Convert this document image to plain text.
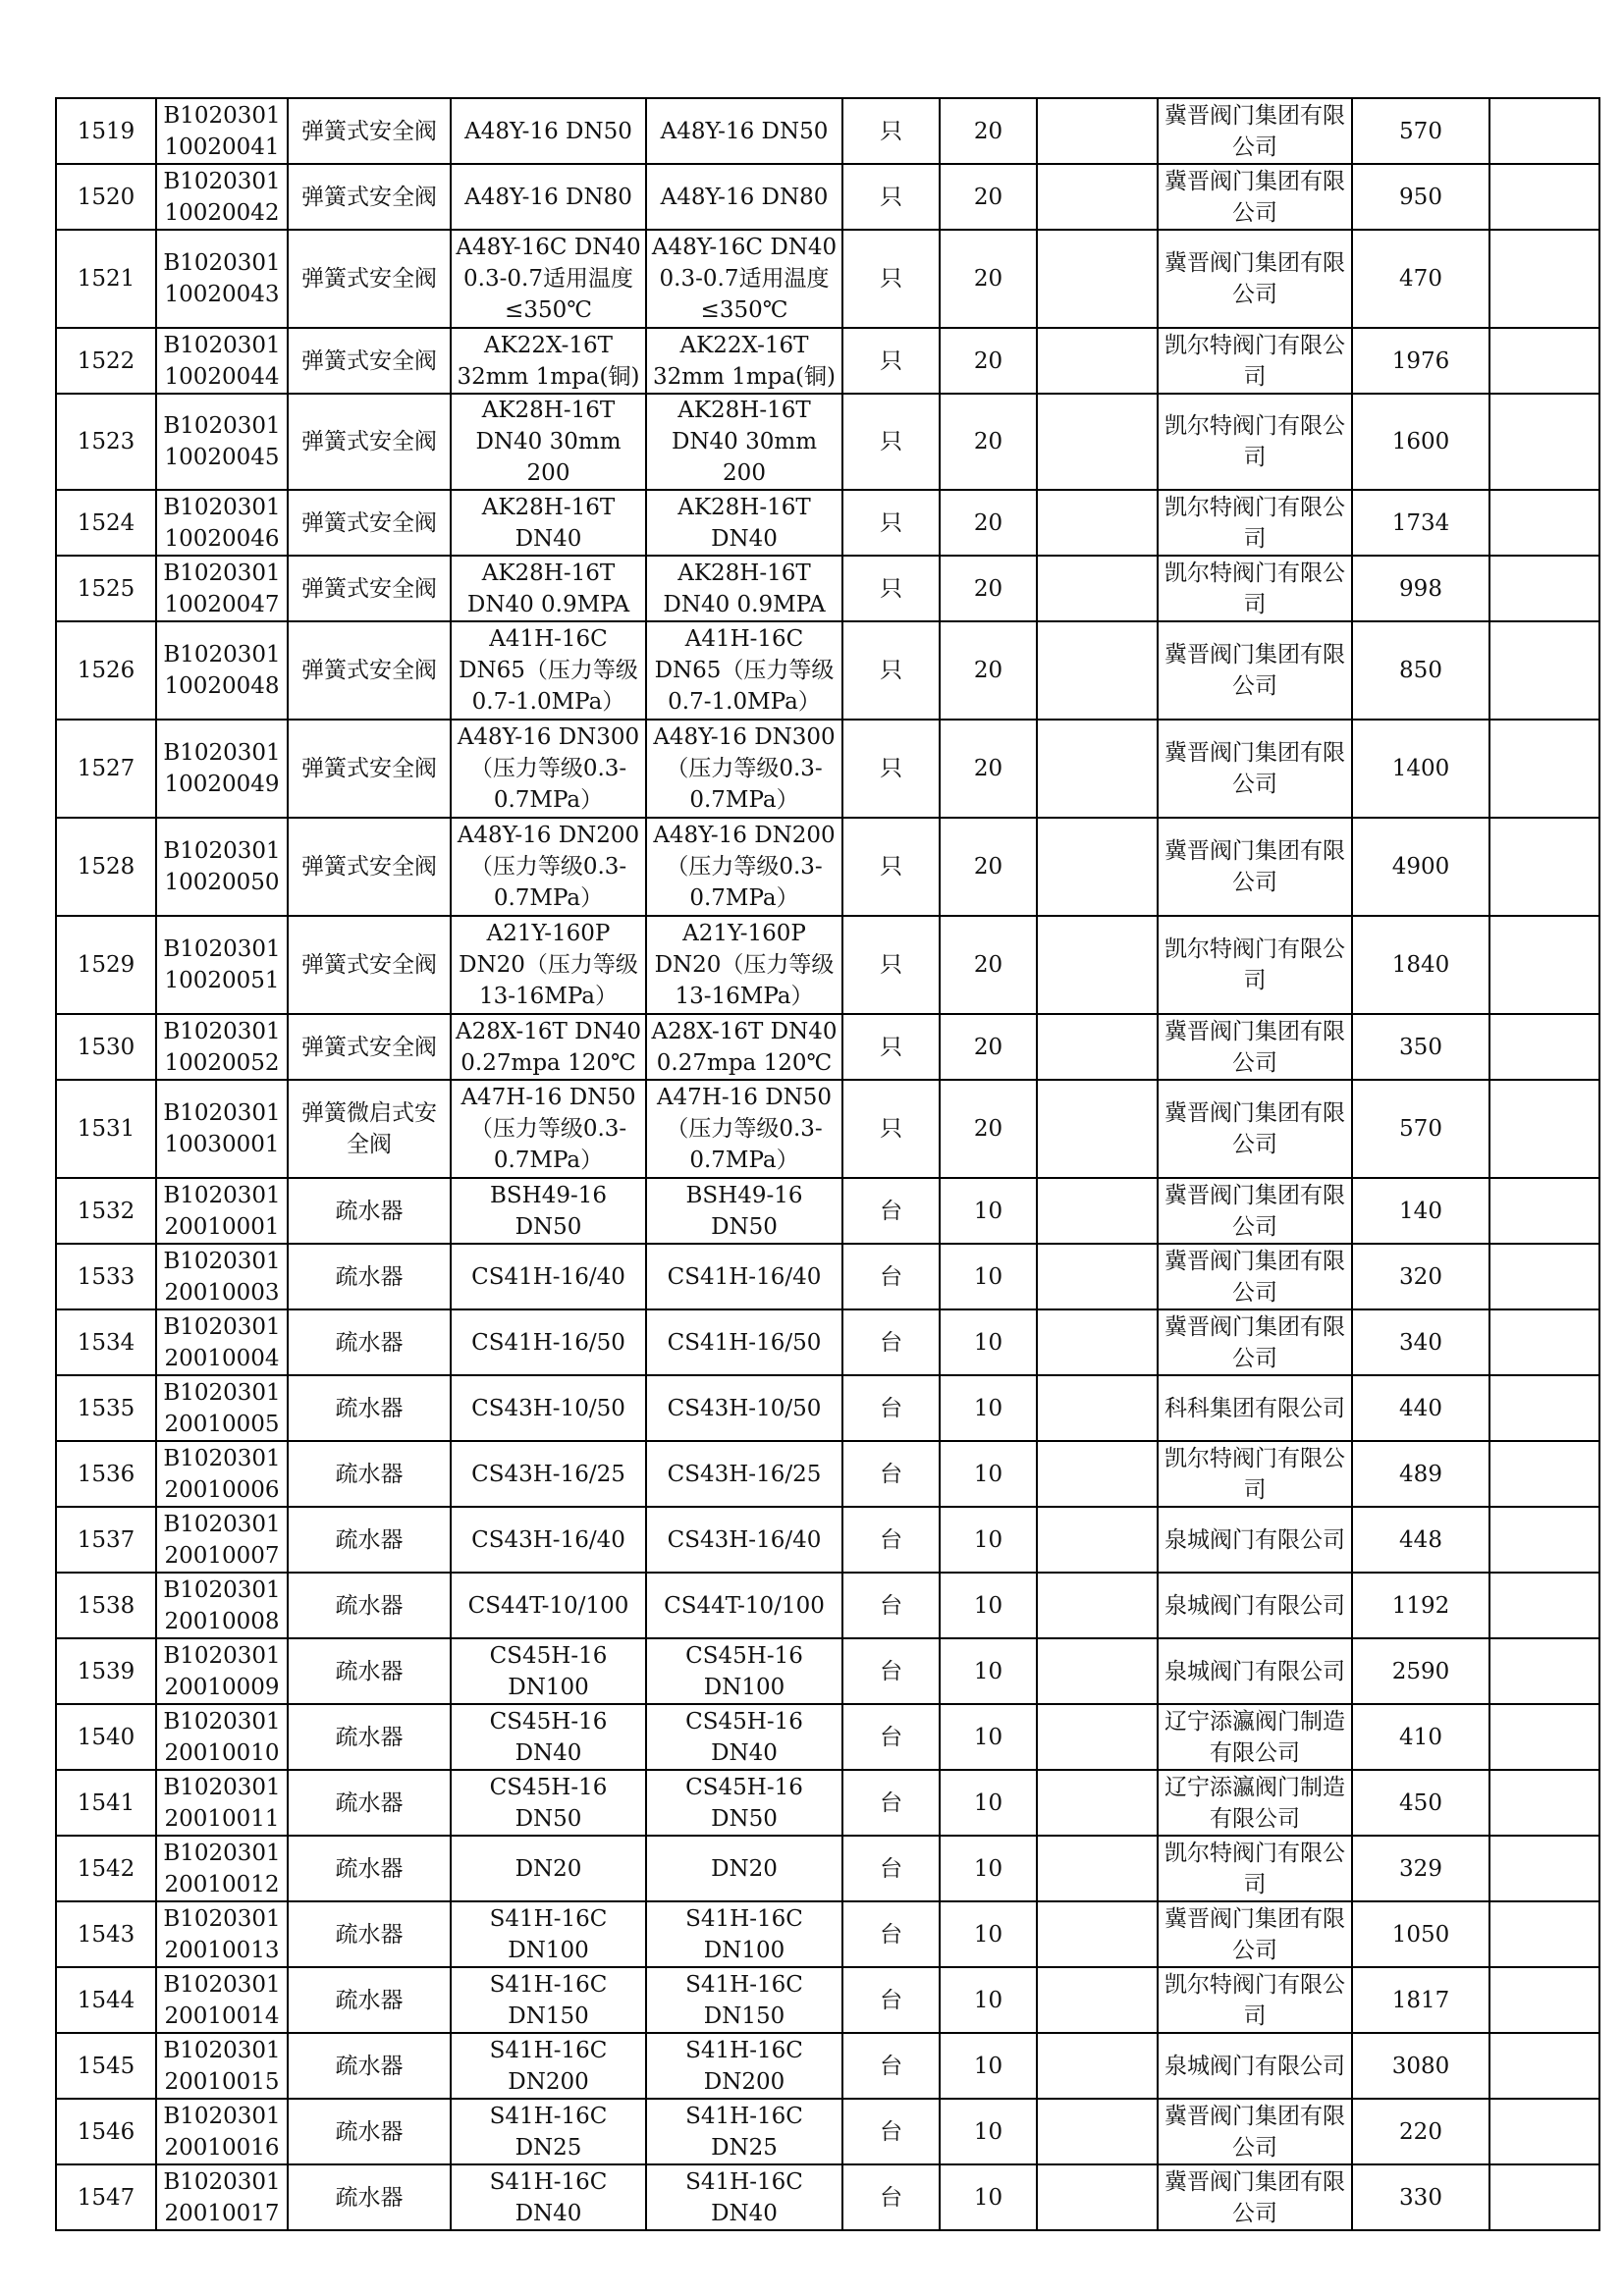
1519	B1020301 10020041	弹簧式安全阀	A48Y-16 DN50	A48Y-16 DN50	只	20		冀晋阀门集团有限公司	570	

1520	B1020301 10020042	弹簧式安全阀	A48Y-16 DN80	A48Y-16 DN80	只	20		冀晋阀门集团有限公司	950	

1521	B1020301 10020043	弹簧式安全阀	A48Y-16C DN40 0.3-0.7适用温度≤350℃	A48Y-16C DN40 0.3-0.7适用温度≤350℃	只	20		冀晋阀门集团有限公司	470	

1522	B1020301 10020044	弹簧式安全阀	AK22X-16T 32mm 1mpa(铜)	AK22X-16T 32mm 1mpa(铜)	只	20		凯尔特阀门有限公司	1976	

1523	B1020301 10020045	弹簧式安全阀	AK28H-16T DN40 30mm 200	AK28H-16T DN40 30mm 200	只	20		凯尔特阀门有限公司	1600	

1524	B1020301 10020046	弹簧式安全阀	AK28H-16T DN40	AK28H-16T DN40	只	20		凯尔特阀门有限公司	1734	

1525	B1020301 10020047	弹簧式安全阀	AK28H-16T DN40 0.9MPA	AK28H-16T DN40 0.9MPA	只	20		凯尔特阀门有限公司	998	

1526	B1020301 10020048	弹簧式安全阀	A41H-16C DN65（压力等级0.7-1.0MPa）	A41H-16C DN65（压力等级0.7-1.0MPa）	只	20		冀晋阀门集团有限公司	850	

1527	B1020301 10020049	弹簧式安全阀	A48Y-16 DN300（压力等级0.3-0.7MPa）	A48Y-16 DN300（压力等级0.3-0.7MPa）	只	20		冀晋阀门集团有限公司	1400	

1528	B1020301 10020050	弹簧式安全阀	A48Y-16 DN200（压力等级0.3-0.7MPa）	A48Y-16 DN200（压力等级0.3-0.7MPa）	只	20		冀晋阀门集团有限公司	4900	

1529	B1020301 10020051	弹簧式安全阀	A21Y-160P DN20（压力等级13-16MPa）	A21Y-160P DN20（压力等级13-16MPa）	只	20		凯尔特阀门有限公司	1840	

1530	B1020301 10020052	弹簧式安全阀	A28X-16T DN40 0.27mpa 120℃	A28X-16T DN40 0.27mpa 120℃	只	20		冀晋阀门集团有限公司	350	

1531	B1020301 10030001	弹簧微启式安全阀	A47H-16 DN50（压力等级0.3-0.7MPa）	A47H-16 DN50（压力等级0.3-0.7MPa）	只	20		冀晋阀门集团有限公司	570	

1532	B1020301 20010001	疏水器	BSH49-16 DN50	BSH49-16 DN50	台	10		冀晋阀门集团有限公司	140	

1533	B1020301 20010003	疏水器	CS41H-16/40	CS41H-16/40	台	10		冀晋阀门集团有限公司	320	

1534	B1020301 20010004	疏水器	CS41H-16/50	CS41H-16/50	台	10		冀晋阀门集团有限公司	340	

1535	B1020301 20010005	疏水器	CS43H-10/50	CS43H-10/50	台	10		科科集团有限公司	440	

1536	B1020301 20010006	疏水器	CS43H-16/25	CS43H-16/25	台	10		凯尔特阀门有限公司	489	

1537	B1020301 20010007	疏水器	CS43H-16/40	CS43H-16/40	台	10		泉城阀门有限公司	448	

1538	B1020301 20010008	疏水器	CS44T-10/100	CS44T-10/100	台	10		泉城阀门有限公司	1192	

1539	B1020301 20010009	疏水器	CS45H-16 DN100	CS45H-16 DN100	台	10		泉城阀门有限公司	2590	

1540	B1020301 20010010	疏水器	CS45H-16 DN40	CS45H-16 DN40	台	10		辽宁添瀛阀门制造有限公司	410	

1541	B1020301 20010011	疏水器	CS45H-16 DN50	CS45H-16 DN50	台	10		辽宁添瀛阀门制造有限公司	450	

1542	B1020301 20010012	疏水器	DN20	DN20	台	10		凯尔特阀门有限公司	329	

1543	B1020301 20010013	疏水器	S41H-16C DN100	S41H-16C DN100	台	10		冀晋阀门集团有限公司	1050	

1544	B1020301 20010014	疏水器	S41H-16C DN150	S41H-16C DN150	台	10		凯尔特阀门有限公司	1817	

1545	B1020301 20010015	疏水器	S41H-16C DN200	S41H-16C DN200	台	10		泉城阀门有限公司	3080	

1546	B1020301 20010016	疏水器	S41H-16C DN25	S41H-16C DN25	台	10		冀晋阀门集团有限公司	220	

1547	B1020301 20010017	疏水器	S41H-16C DN40	S41H-16C DN40	台	10		冀晋阀门集团有限公司	330	
